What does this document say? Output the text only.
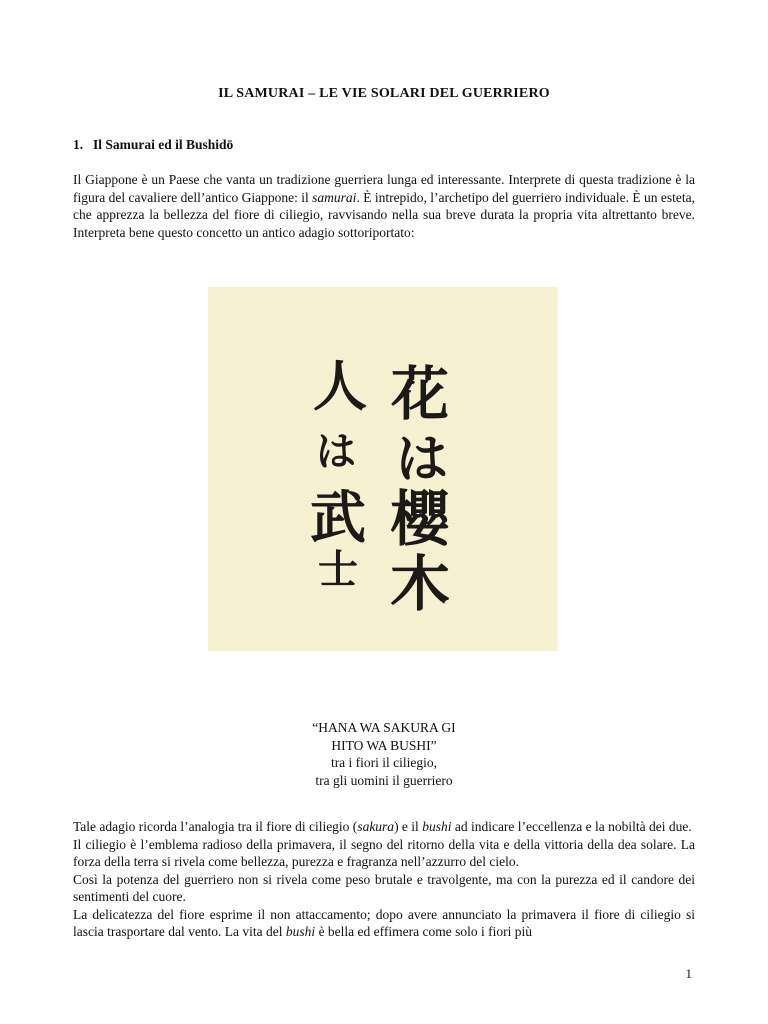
IL SAMURAI – LE VIE SOLARI DEL GUERRIERO
1. Il Samurai ed il Bushidō

Il Giappone è un Paese che vanta un tradizione guerriera lunga ed interessante. Interprete di questa tradizione è la figura del cavaliere dell’antico Giappone: il samurai. È intrepido, l’archetipo del guerriero individuale. È un esteta, che apprezza la bellezza del fiore di ciliegio, ravvisando nella sua breve durata la propria vita altrettanto breve. Interpreta bene questo concetto un antico adagio sottoriportato:

花
は
櫻
木
人
は
武
士
“HANA WA SAKURA GI
HITO WA BUSHI”
tra i fiori il ciliegio,
tra gli uomini il guerriero

Tale adagio ricorda l’analogia tra il fiore di ciliegio (sakura) e il bushi ad indicare l’eccellenza e la nobiltà dei due.

Il ciliegio è l’emblema radioso della primavera, il segno del ritorno della vita e della vittoria della dea solare. La forza della terra si rivela come bellezza, purezza e fragranza nell’azzurro del cielo.

Così la potenza del guerriero non si rivela come peso brutale e travolgente, ma con la purezza ed il candore dei sentimenti del cuore.

La delicatezza del fiore esprime il non attaccamento; dopo avere annunciato la primavera il fiore di ciliegio si lascia trasportare dal vento. La vita del bushi è bella ed effimera come solo i fiori più

1
